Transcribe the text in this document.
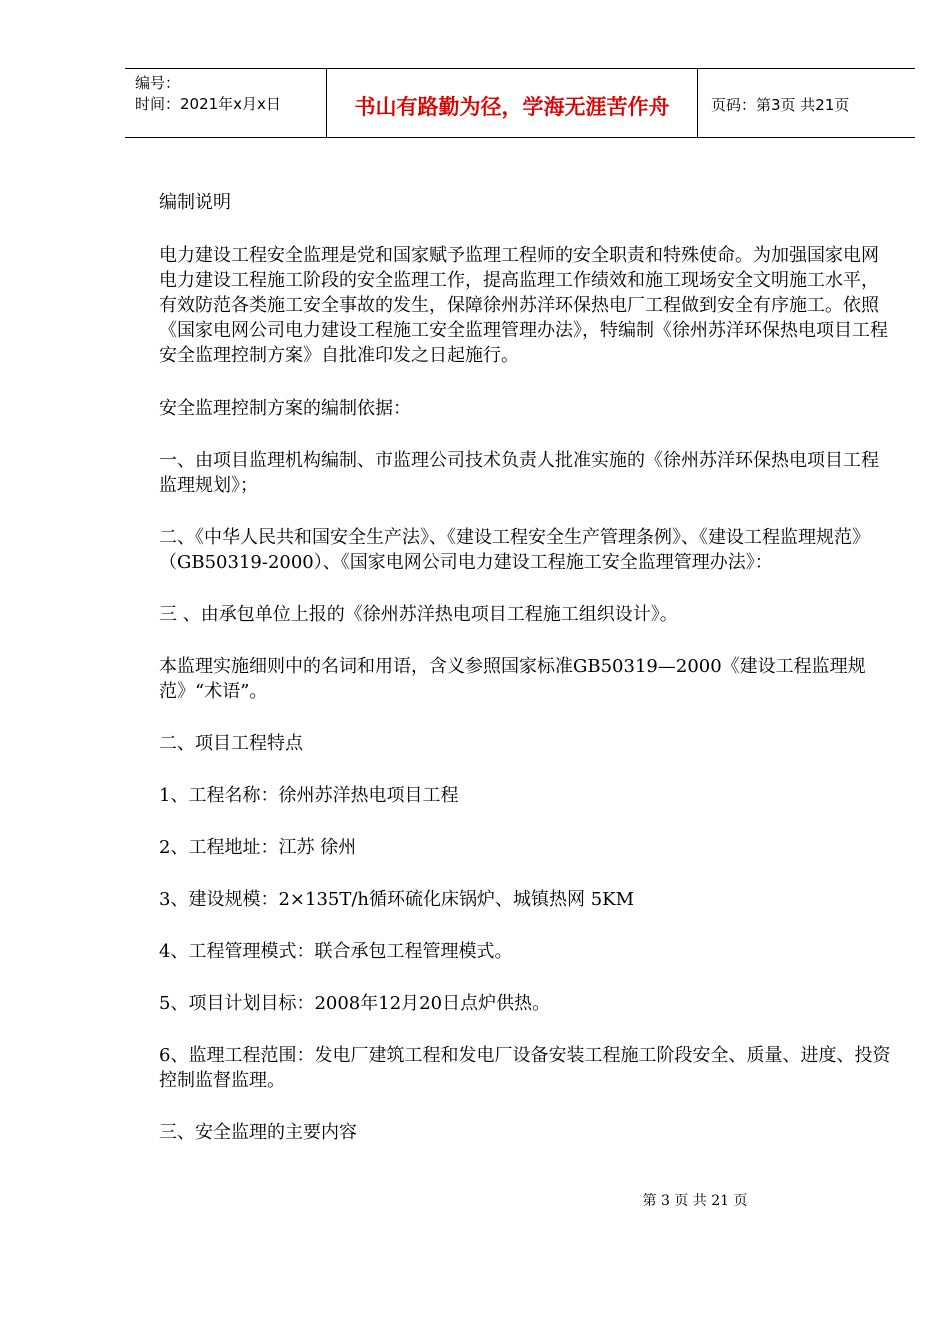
编号：
时间：2021年x月x日	书山有路勤为径，学海无涯苦作舟	页码：第3页 共21页

编制说明

电力建设工程安全监理是党和国家赋予监理工程师的安全职责和特殊使命。为加强国家电网电力建设工程施工阶段的安全监理工作，提高监理工作绩效和施工现场安全文明施工水平，有效防范各类施工安全事故的发生，保障徐州苏洋环保热电厂工程做到安全有序施工。依照《国家电网公司电力建设工程施工安全监理管理办法》，特编制《徐州苏洋环保热电项目工程安全监理控制方案》自批准印发之日起施行。

安全监理控制方案的编制依据：

一、由项目监理机构编制、市监理公司技术负责人批准实施的《徐州苏洋环保热电项目工程监理规划》；

二、《中华人民共和国安全生产法》、《建设工程安全生产管理条例》、《建设工程监理规范》（GB50319-2000）、《国家电网公司电力建设工程施工安全监理管理办法》：

三 、由承包单位上报的《徐州苏洋热电项目工程施工组织设计》。

本监理实施细则中的名词和用语，含义参照国家标准GB50319—2000《建设工程监理规范》“术语”。

二、项目工程特点

1、工程名称：徐州苏洋热电项目工程

2、工程地址：江苏 徐州

3、建设规模：2×135T/h循环硫化床锅炉、城镇热网 5KM

4、工程管理模式：联合承包工程管理模式。

5、项目计划目标：2008年12月20日点炉供热。

6、监理工程范围：发电厂建筑工程和发电厂设备安装工程施工阶段安全、质量、进度、投资控制监督监理。

三、安全监理的主要内容

第 3 页 共 21 页
